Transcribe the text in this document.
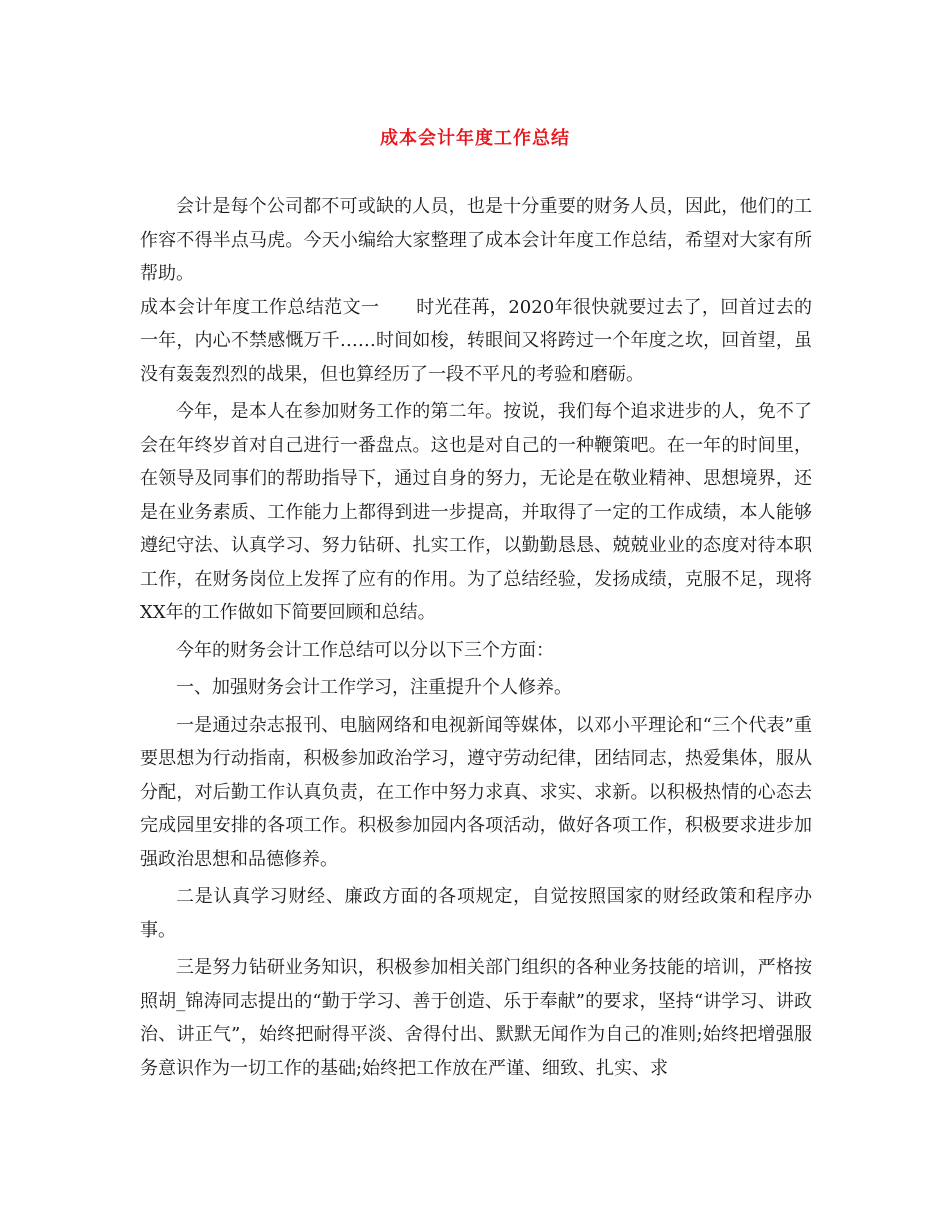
成本会计年度工作总结

会计是每个公司都不可或缺的人员，也是十分重要的财务人员，因此，他们的工作容不得半点马虎。今天小编给大家整理了成本会计年度工作总结，希望对大家有所帮助。

成本会计年度工作总结范文一　　时光荏苒，2020年很快就要过去了，回首过去的一年，内心不禁感慨万千……时间如梭，转眼间又将跨过一个年度之坎，回首望，虽没有轰轰烈烈的战果，但也算经历了一段不平凡的考验和磨砺。

今年，是本人在参加财务工作的第二年。按说，我们每个追求进步的人，免不了会在年终岁首对自己进行一番盘点。这也是对自己的一种鞭策吧。在一年的时间里，在领导及同事们的帮助指导下，通过自身的努力，无论是在敬业精神、思想境界，还是在业务素质、工作能力上都得到进一步提高，并取得了一定的工作成绩，本人能够遵纪守法、认真学习、努力钻研、扎实工作，以勤勤恳恳、兢兢业业的态度对待本职工作，在财务岗位上发挥了应有的作用。为了总结经验，发扬成绩，克服不足，现将XX年的工作做如下简要回顾和总结。

今年的财务会计工作总结可以分以下三个方面：

一、加强财务会计工作学习，注重提升个人修养。

一是通过杂志报刊、电脑网络和电视新闻等媒体，以邓小平理论和“三个代表”重要思想为行动指南，积极参加政治学习，遵守劳动纪律，团结同志，热爱集体，服从分配，对后勤工作认真负责，在工作中努力求真、求实、求新。以积极热情的心态去完成园里安排的各项工作。积极参加园内各项活动，做好各项工作，积极要求进步加强政治思想和品德修养。

二是认真学习财经、廉政方面的各项规定，自觉按照国家的财经政策和程序办事。

三是努力钻研业务知识，积极参加相关部门组织的各种业务技能的培训，严格按照胡_锦涛同志提出的“勤于学习、善于创造、乐于奉献”的要求，坚持“讲学习、讲政治、讲正气”，始终把耐得平淡、舍得付出、默默无闻作为自己的准则;始终把增强服务意识作为一切工作的基础;始终把工作放在严谨、细致、扎实、求
